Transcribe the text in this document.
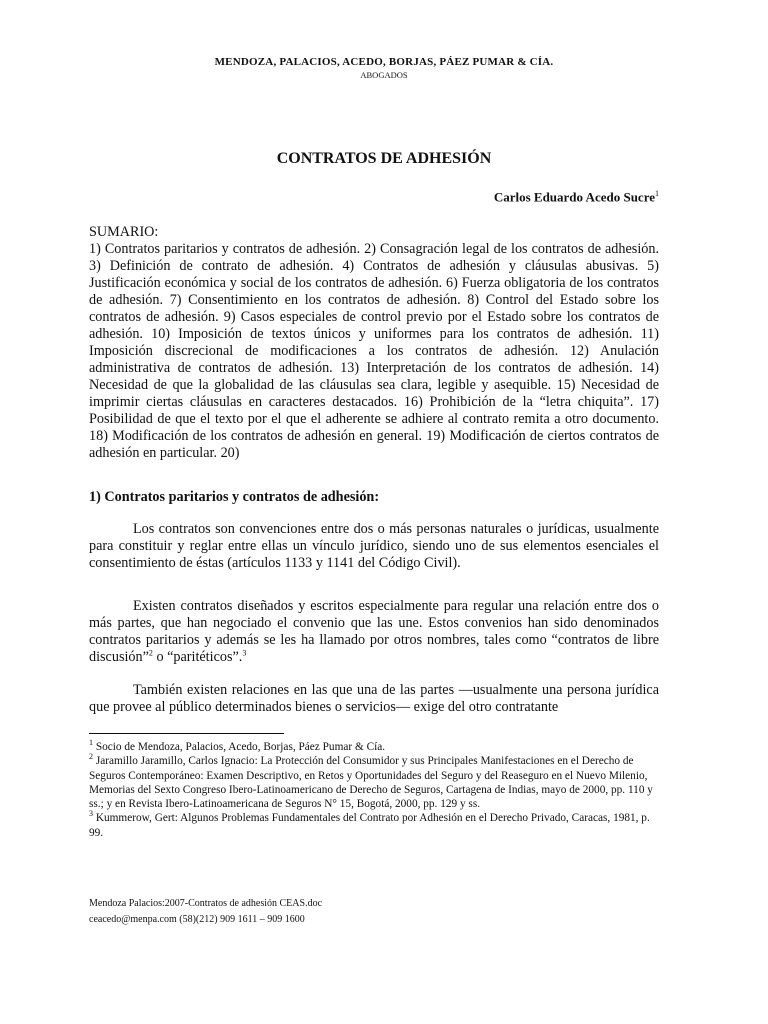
MENDOZA, PALACIOS, ACEDO, BORJAS, PÁEZ PUMAR & CÍA.
ABOGADOS
CONTRATOS DE ADHESIÓN
Carlos Eduardo Acedo Sucre$^1$
SUMARIO:
1) Contratos paritarios y contratos de adhesión. 2) Consagración legal de los contratos de adhesión. 3) Definición de contrato de adhesión. 4) Contratos de adhesión y cláusulas abusivas. 5) Justificación económica y social de los contratos de adhesión. 6) Fuerza obligatoria de los contratos de adhesión. 7) Consentimiento en los contratos de adhesión. 8) Control del Estado sobre los contratos de adhesión. 9) Casos especiales de control previo por el Estado sobre los contratos de adhesión. 10) Imposición de textos únicos y uniformes para los contratos de adhesión. 11) Imposición discrecional de modificaciones a los contratos de adhesión. 12) Anulación administrativa de contratos de adhesión. 13) Interpretación de los contratos de adhesión. 14) Necesidad de que la globalidad de las cláusulas sea clara, legible y asequible. 15) Necesidad de imprimir ciertas cláusulas en caracteres destacados. 16) Prohibición de la “letra chiquita”. 17) Posibilidad de que el texto por el que el adherente se adhiere al contrato remita a otro documento. 18) Modificación de los contratos de adhesión en general. 19) Modificación de ciertos contratos de adhesión en particular. 20)
1) Contratos paritarios y contratos de adhesión:
Los contratos son convenciones entre dos o más personas naturales o jurídicas, usualmente para constituir y reglar entre ellas un vínculo jurídico, siendo uno de sus elementos esenciales el consentimiento de éstas (artículos 1133 y 1141 del Código Civil).
Existen contratos diseñados y escritos especialmente para regular una relación entre dos o más partes, que han negociado el convenio que las une. Estos convenios han sido denominados contratos paritarios y además se les ha llamado por otros nombres, tales como “contratos de libre discusión”$^2$ o “paritéticos”.$^3$
También existen relaciones en las que una de las partes —usualmente una persona jurídica que provee al público determinados bienes o servicios— exige del otro contratante

$^1$ Socio de Mendoza, Palacios, Acedo, Borjas, Páez Pumar & Cía.

$^2$ Jaramillo Jaramillo, Carlos Ignacio: La Protección del Consumidor y sus Principales Manifestaciones en el Derecho de Seguros Contemporáneo: Examen Descriptivo, en Retos y Oportunidades del Seguro y del Reaseguro en el Nuevo Milenio, Memorias del Sexto Congreso Ibero-Latinoamericano de Derecho de Seguros, Cartagena de Indias, mayo de 2000, pp. 110 y ss.; y en Revista Ibero-Latinoamericana de Seguros N° 15, Bogotá, 2000, pp. 129 y ss.

$^3$ Kummerow, Gert: Algunos Problemas Fundamentales del Contrato por Adhesión en el Derecho Privado, Caracas, 1981, p. 99.

Mendoza Palacios:2007-Contratos de adhesión CEAS.doc
ceacedo@menpa.com (58)(212) 909 1611 – 909 1600
